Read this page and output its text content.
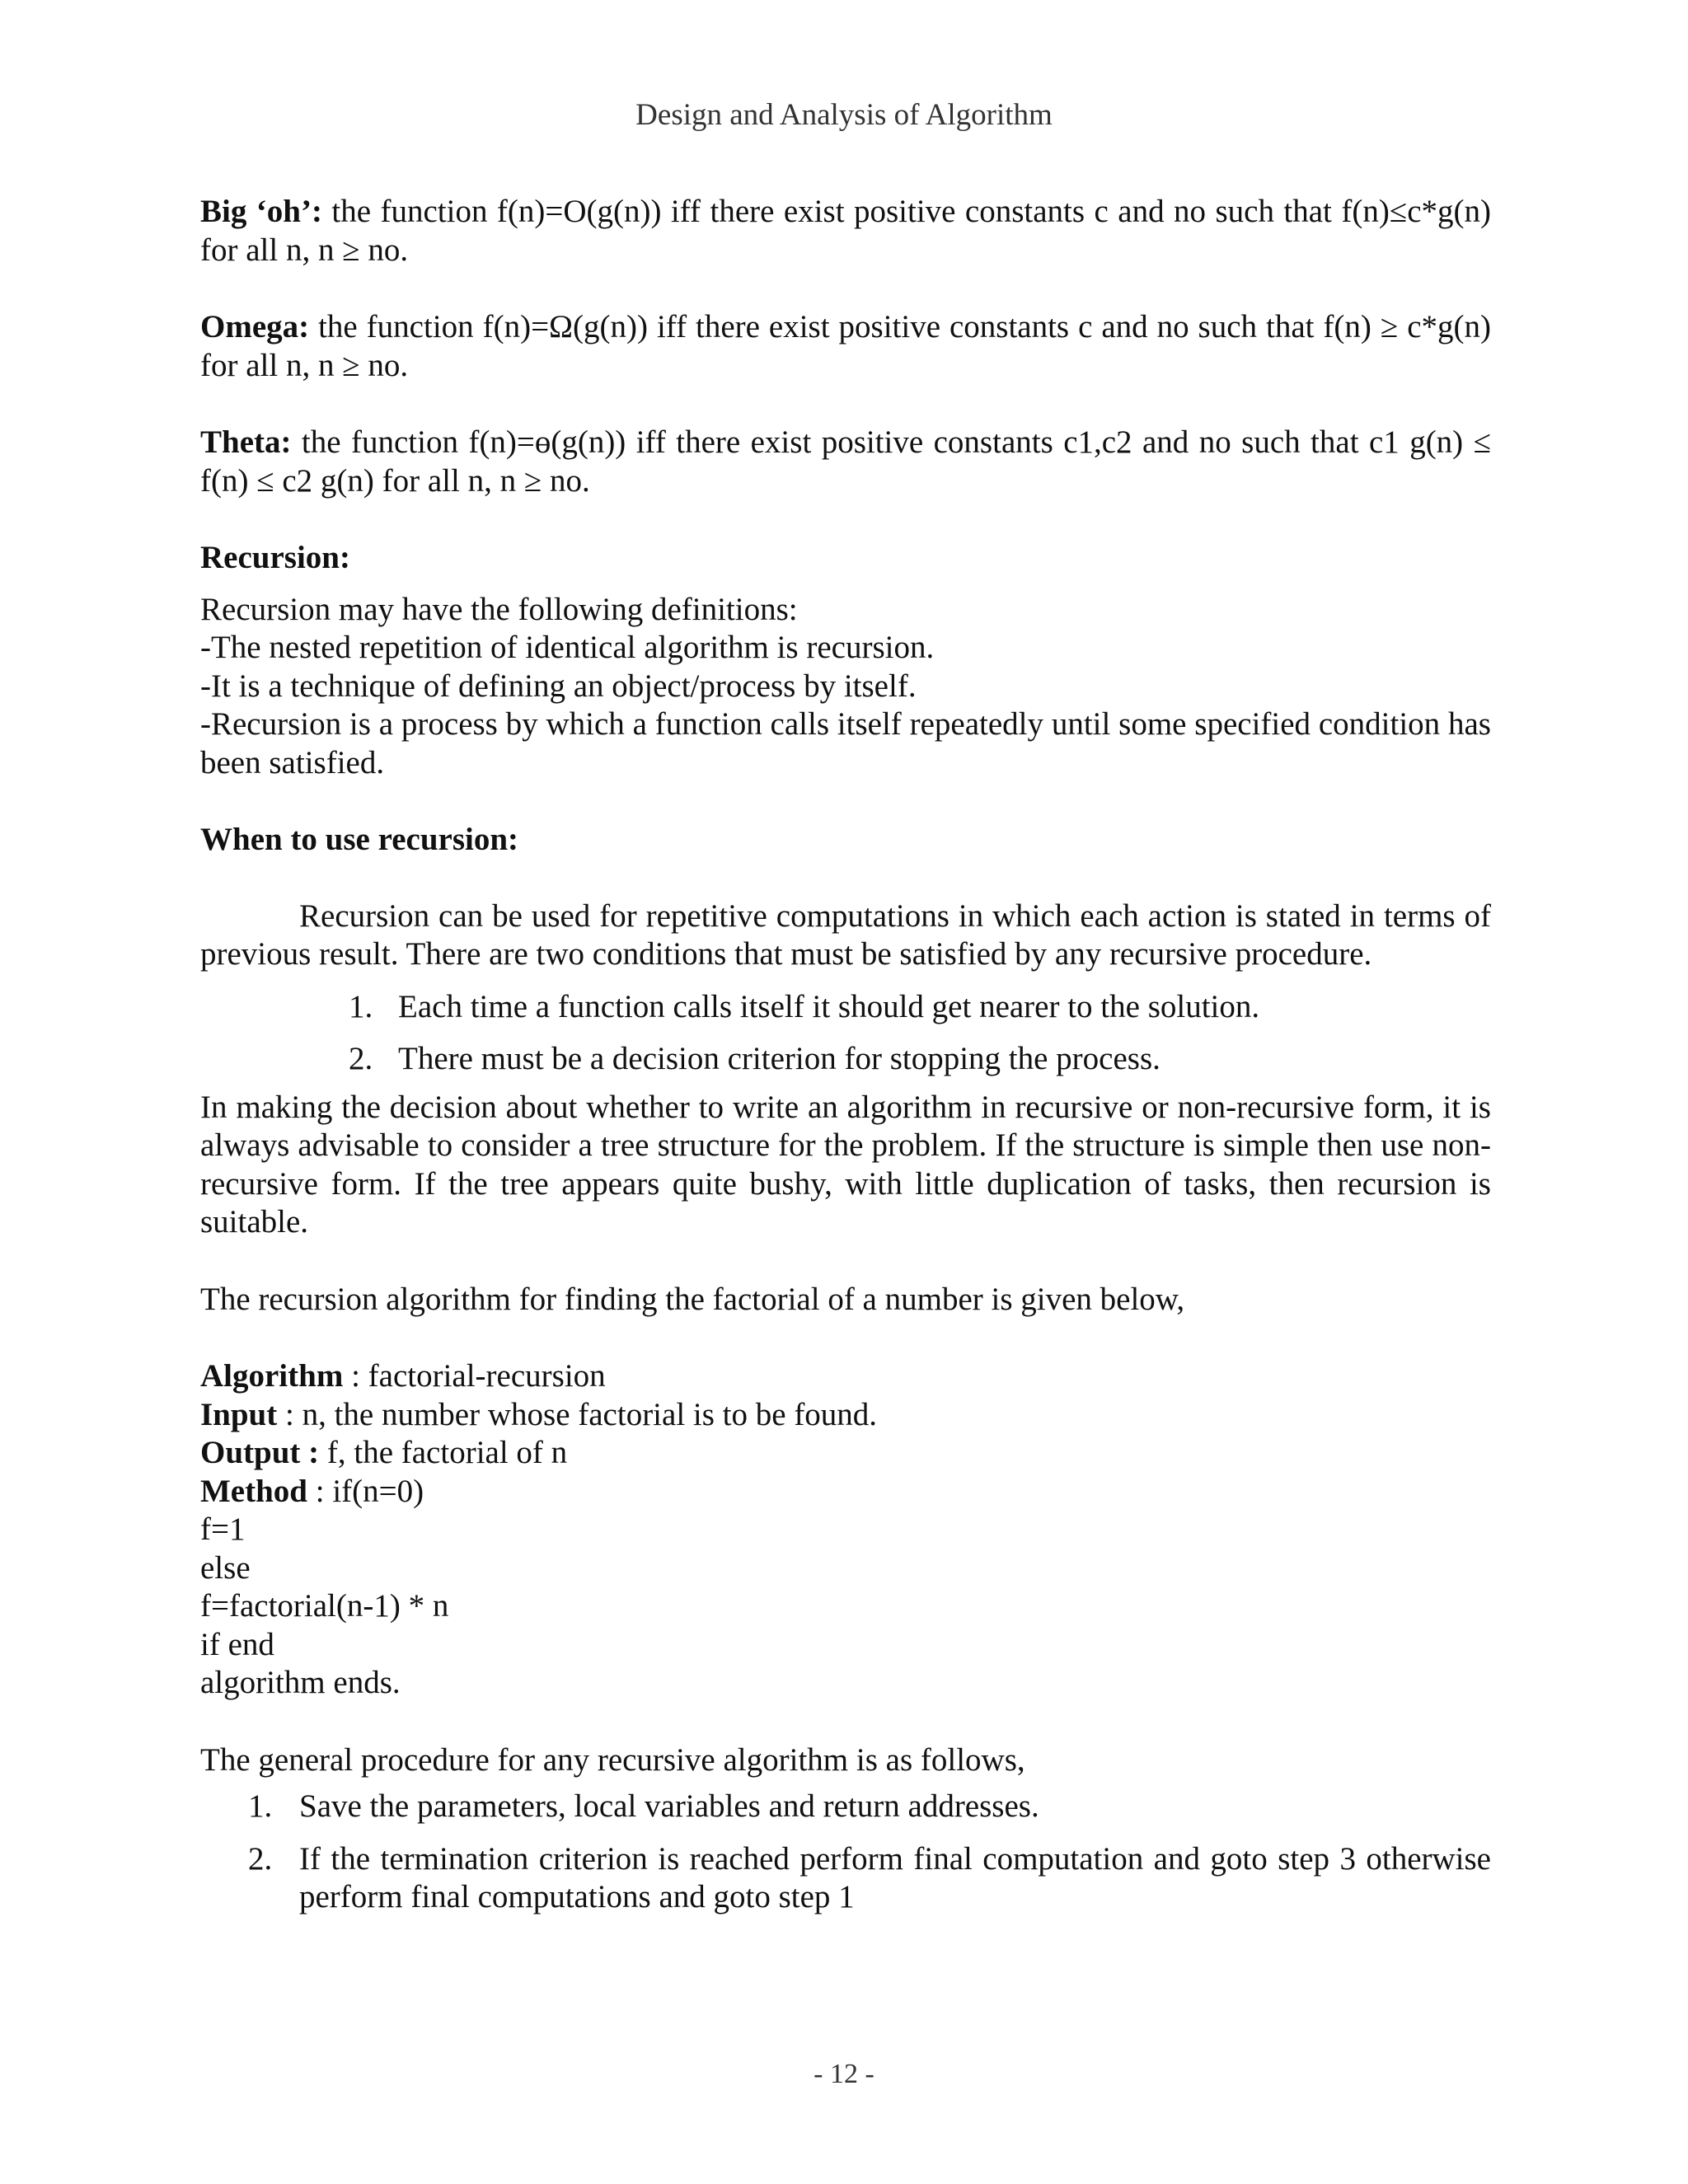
Design and Analysis of Algorithm

Big ‘oh’: the function f(n)=O(g(n)) iff there exist positive constants c and no such that f(n)≤c*g(n) for all n, n ≥ no.

Omega: the function f(n)=Ω(g(n)) iff there exist positive constants c and no such that f(n) ≥ c*g(n) for all n, n ≥ no.

Theta: the function f(n)=ɵ(g(n)) iff there exist positive constants c1,c2 and no such that c1 g(n) ≤ f(n) ≤ c2 g(n) for all n, n ≥ no.

Recursion:

Recursion may have the following definitions:

-The nested repetition of identical algorithm is recursion.

-It is a technique of defining an object/process by itself.

-Recursion is a process by which a function calls itself repeatedly until some specified condition has been satisfied.

When to use recursion:

Recursion can be used for repetitive computations in which each action is stated in terms of previous result. There are two conditions that must be satisfied by any recursive procedure.

1. Each time a function calls itself it should get nearer to the solution.
2. There must be a decision criterion for stopping the process.

In making the decision about whether to write an algorithm in recursive or non-recursive form, it is always advisable to consider a tree structure for the problem. If the structure is simple then use non-recursive form. If the tree appears quite bushy, with little duplication of tasks, then recursion is suitable.

The recursion algorithm for finding the factorial of a number is given below,

Algorithm : factorial-recursion

Input : n, the number whose factorial is to be found.

Output : f, the factorial of n

Method : if(n=0)

f=1

else

f=factorial(n-1) * n

if end

algorithm ends.

The general procedure for any recursive algorithm is as follows,

1. Save the parameters, local variables and return addresses.
2. If the termination criterion is reached perform final computation and goto step 3 otherwise perform final computations and goto step 1
- 12 -
